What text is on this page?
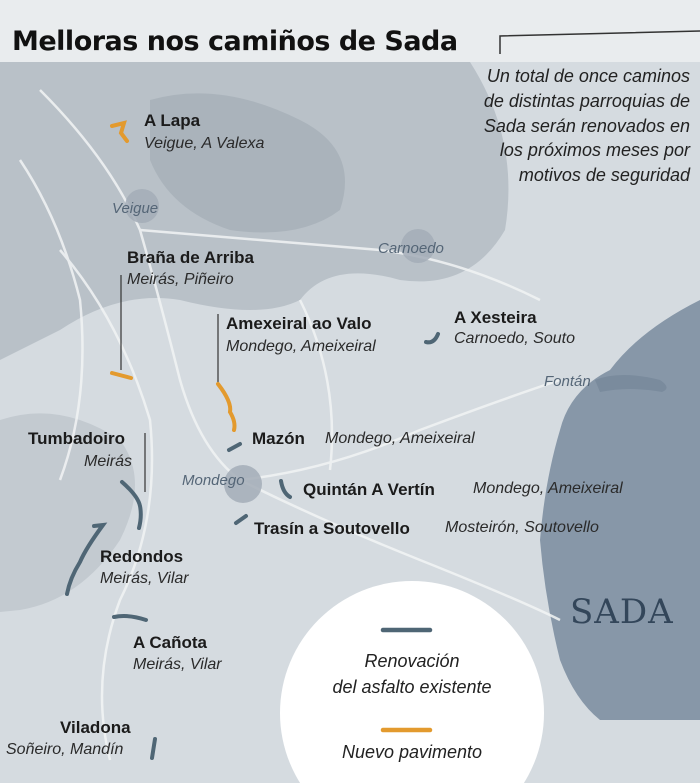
Melloras nos camiños de Sada
Un total de once caminos de distintas parroquias de Sada serán renovados en los próximos meses por motivos de seguridad
Veigue
Carnoedo
Fontán
Mondego
SADA
A Lapa
Veigue, A Valexa
Braña de Arriba
Meirás, Piñeiro
Amexeiral ao Valo
Mondego, Ameixeiral
A Xesteira
Carnoedo, Souto
Mazón Mondego, Ameixeiral
Tumbadoiro
Meirás
Quintán A Vertín Mondego, Ameixeiral
Trasín a Soutovello Mosteirón, Soutovello
Redondos
Meirás, Vilar
A Cañota
Meirás, Vilar
Viladona
Soñeiro, Mandín
Renovación
del asfalto existente
Nuevo pavimento
